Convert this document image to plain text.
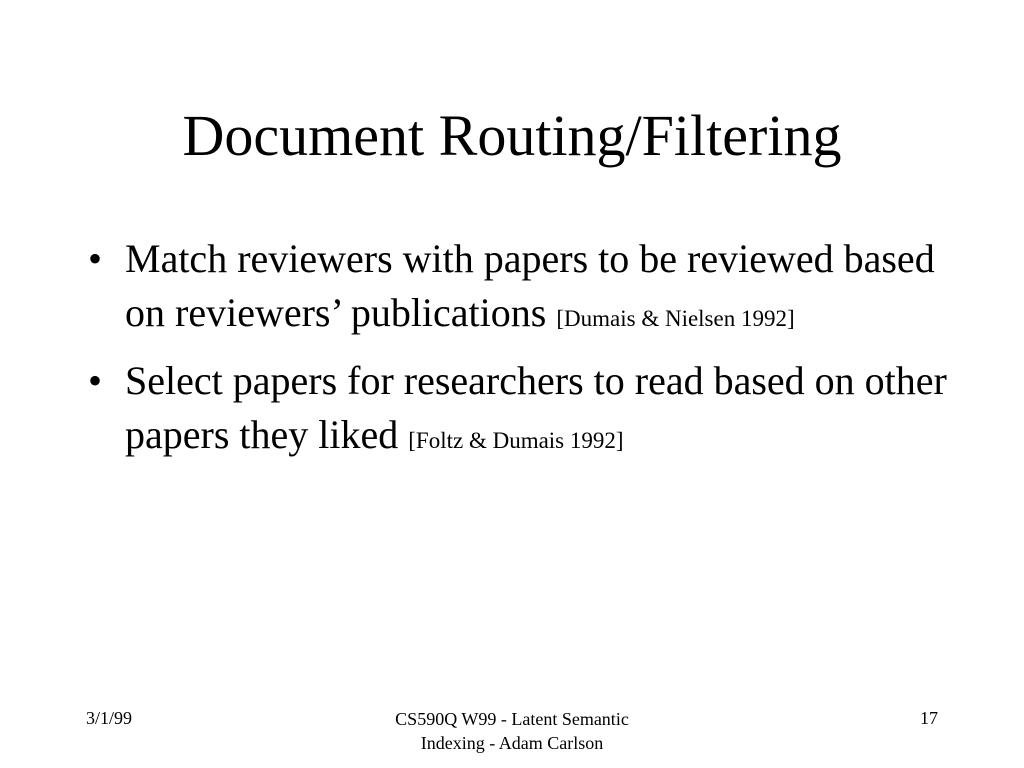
Document Routing/Filtering
• Match reviewers with papers to be reviewed based on reviewers’ publications [Dumais & Nielsen 1992]
• Select papers for researchers to read based on other papers they liked [Foltz & Dumais 1992]
3/1/99	CS590Q W99 - Latent Semantic
Indexing - Adam Carlson
17
